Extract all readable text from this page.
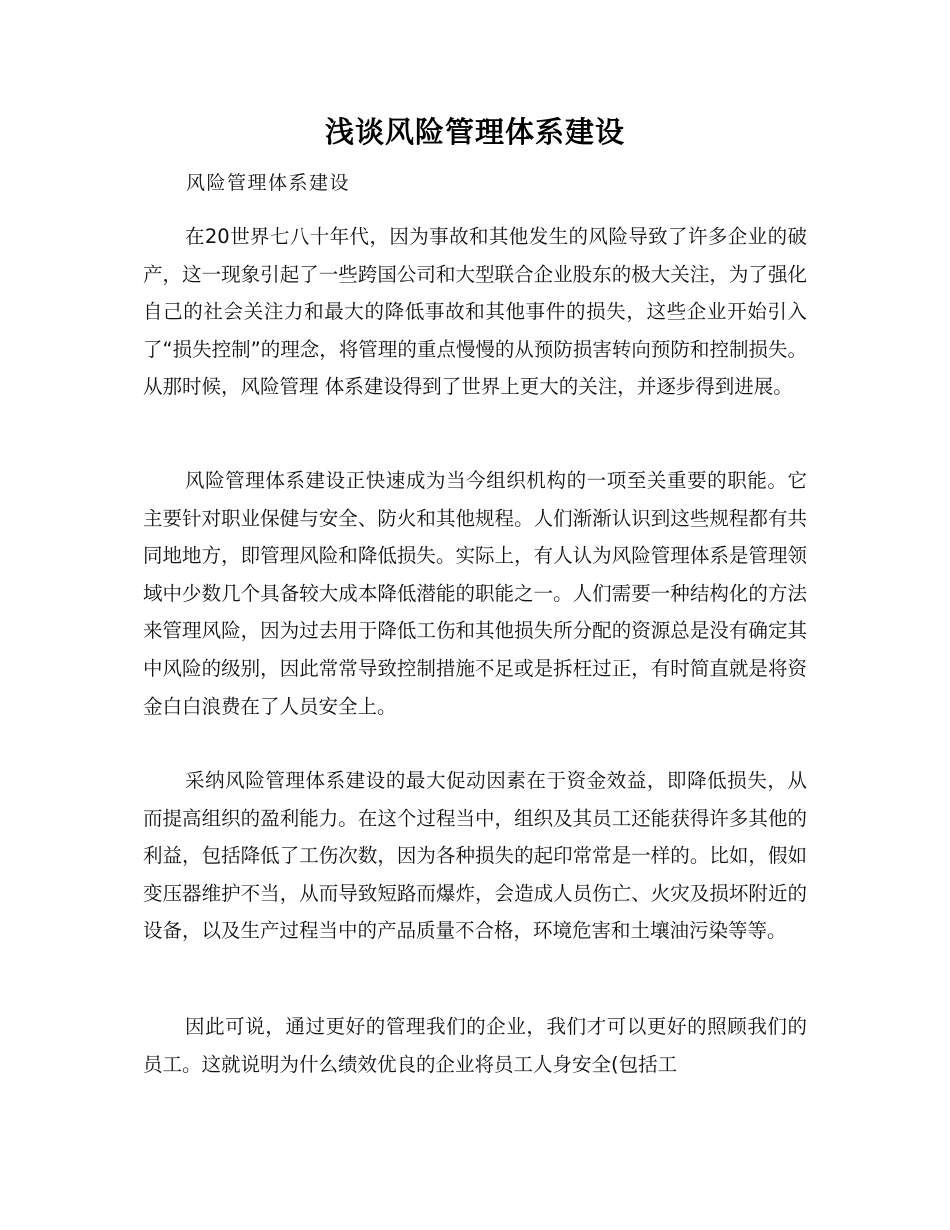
浅谈风险管理体系建设
风险管理体系建设

在20世界七八十年代，因为事故和其他发生的风险导致了许多企业的破产，这一现象引起了一些跨国公司和大型联合企业股东的极大关注，为了强化自己的社会关注力和最大的降低事故和其他事件的损失，这些企业开始引入了“损失控制”的理念，将管理的重点慢慢的从预防损害转向预防和控制损失。从那时候，风险管理 体系建设得到了世界上更大的关注，并逐步得到进展。

风险管理体系建设正快速成为当今组织机构的一项至关重要的职能。它主要针对职业保健与安全、防火和其他规程。人们渐渐认识到这些规程都有共同地地方，即管理风险和降低损失。实际上，有人认为风险管理体系是管理领域中少数几个具备较大成本降低潜能的职能之一。人们需要一种结构化的方法来管理风险，因为过去用于降低工伤和其他损失所分配的资源总是没有确定其中风险的级别，因此常常导致控制措施不足或是拆枉过正，有时简直就是将资金白白浪费在了人员安全上。

采纳风险管理体系建设的最大促动因素在于资金效益，即降低损失，从而提高组织的盈利能力。在这个过程当中，组织及其员工还能获得许多其他的利益，包括降低了工伤次数，因为各种损失的起印常常是一样的。比如，假如变压器维护不当，从而导致短路而爆炸，会造成人员伤亡、火灾及损坏附近的设备，以及生产过程当中的产品质量不合格，环境危害和土壤油污染等等。

因此可说，通过更好的管理我们的企业，我们才可以更好的照顾我们的员工。这就说明为什么绩效优良的企业将员工人身安全(包括工
